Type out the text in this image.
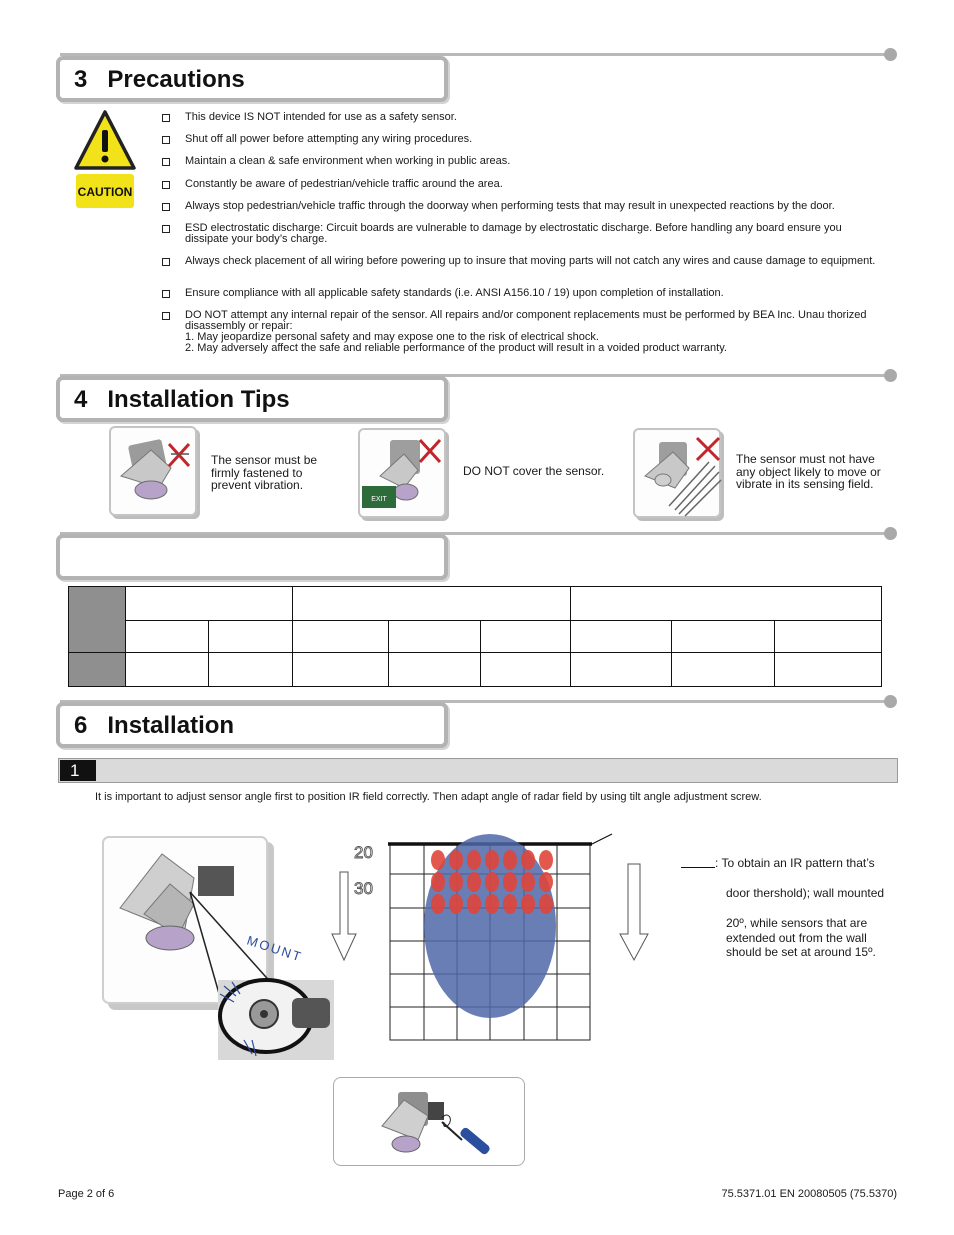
3 Precautions
CAUTION
This device IS NOT intended for use as a safety sensor.
Shut off all power before attempting any wiring procedures.
Maintain a clean & safe environment when working in public areas.
Constantly be aware of pedestrian/vehicle traffic around the area.
Always stop pedestrian/vehicle traffic through the doorway when performing tests that may result in unexpected reactions by the door.
ESD electrostatic discharge: Circuit boards are vulnerable to damage by electrostatic discharge. Before handling any board ensure you dissipate your body’s charge.
Always check placement of all wiring before powering up to insure that moving parts will not catch any wires and cause damage to equipment.
Ensure compliance with all applicable safety standards (i.e. ANSI A156.10 / 19) upon completion of installation.
DO NOT attempt any internal repair of the sensor. All repairs and/or component replacements must be performed by BEA Inc. Unau thorized disassembly or repair:
1. May jeopardize personal safety and may expose one to the risk of electrical shock.
2. May adversely affect the safe and reliable performance of the product will result in a voided product warranty.
4 Installation Tips
The sensor must be firmly fastened to prevent vibration.
EXIT
DO NOT cover the sensor.
The sensor must not have any object likely to move or vibrate in its sensing field.

6 Installation
1
It is important to adjust sensor angle first to position IR field correctly. Then adapt angle of radar field by using tilt angle adjustment screw.
MOUNT
20
30
: To obtain an IR pattern that’s
door thershold); wall mounted
20º, while sensors that are
extended out from the wall
should be set at around 15º.
Page 2 of 6	75.5371.01 EN 20080505 (75.5370)
